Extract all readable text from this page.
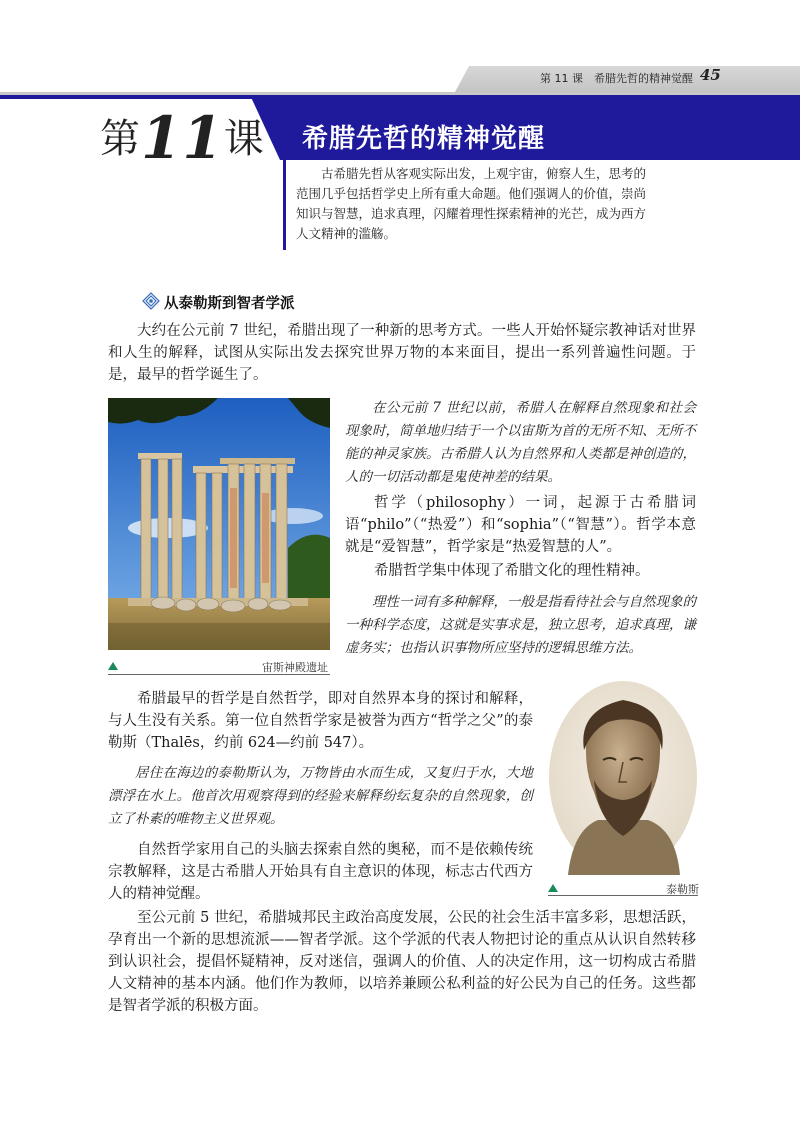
第 11 课　希腊先哲的精神觉醒 45
第11课 希腊先哲的精神觉醒

古希腊先哲从客观实际出发，上观宇宙，俯察人生，思考的范围几乎包括哲学史上所有重大命题。他们强调人的价值，崇尚知识与智慧，追求真理，闪耀着理性探索精神的光芒，成为西方人文精神的滥觞。

从泰勒斯到智者学派

大约在公元前 7 世纪，希腊出现了一种新的思考方式。一些人开始怀疑宗教神话对世界和人生的解释，试图从实际出发去探究世界万物的本来面目，提出一系列普遍性问题。于是，最早的哲学诞生了。

宙斯神殿遗址

在公元前 7 世纪以前，希腊人在解释自然现象和社会现象时，简单地归结于一个以宙斯为首的无所不知、无所不能的神灵家族。古希腊人认为自然界和人类都是神创造的，人的一切活动都是鬼使神差的结果。

哲学（philosophy）一词，起源于古希腊词语“philo”（“热爱”）和“sophia”（“智慧”）。哲学本意就是“爱智慧”，哲学家是“热爱智慧的人”。

希腊哲学集中体现了希腊文化的理性精神。

理性一词有多种解释，一般是指看待社会与自然现象的一种科学态度，这就是实事求是，独立思考，追求真理，谦虚务实；也指认识事物所应坚持的逻辑思维方法。

希腊最早的哲学是自然哲学，即对自然界本身的探讨和解释，与人生没有关系。第一位自然哲学家是被誉为西方“哲学之父”的泰勒斯（Thalēs，约前 624—约前 547）。

居住在海边的泰勒斯认为，万物皆由水而生成，又复归于水，大地漂浮在水上。他首次用观察得到的经验来解释纷纭复杂的自然现象，创立了朴素的唯物主义世界观。

自然哲学家用自己的头脑去探索自然的奥秘，而不是依赖传统宗教解释，这是古希腊人开始具有自主意识的体现，标志古代西方人的精神觉醒。	泰勒斯

至公元前 5 世纪，希腊城邦民主政治高度发展，公民的社会生活丰富多彩，思想活跃，孕育出一个新的思想流派——智者学派。这个学派的代表人物把讨论的重点从认识自然转移到认识社会，提倡怀疑精神，反对迷信，强调人的价值、人的决定作用，这一切构成古希腊人文精神的基本内涵。他们作为教师，以培养兼顾公私利益的好公民为自己的任务。这些都是智者学派的积极方面。
